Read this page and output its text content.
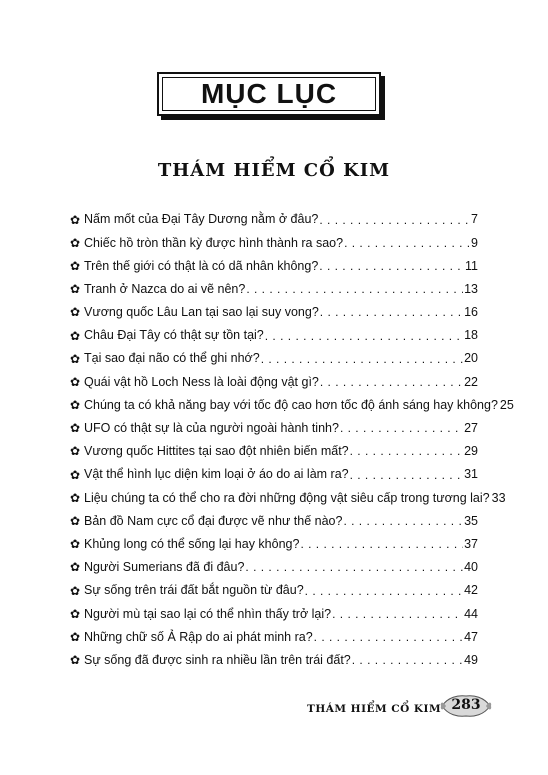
MỤC LỤC
THÁM HIỂM CỔ KIM
✿ Nấm mốt của Đại Tây Dương nằm ở đâu? . . .	7
✿ Chiếc hồ tròn thần kỳ được hình thành ra sao? . . .	9
✿ Trên thế giới có thật là có dã nhân không? . . .	11
✿ Tranh ở Nazca do ai vẽ nên? . . .	13
✿ Vương quốc Lâu Lan tại sao lại suy vong? . . .	16
✿ Châu Đại Tây có thật sự tồn tại? . . .	18
✿ Tại sao đại não có thể ghi nhớ? . . .	20
✿ Quái vật hồ Loch Ness là loài động vật gì? . . .	22
✿ Chúng ta có khả năng bay với tốc độ cao hơn tốc độ ánh sáng hay không? 25
✿ UFO có thật sự là của người ngoài hành tinh? . . .	27
✿ Vương quốc Hittites tại sao đột nhiên biến mất? . . .	29
✿ Vật thể hình lục diện kim loại ở áo do ai làm ra? . . .	31
✿ Liệu chúng ta có thể cho ra đời những động vật siêu cấp trong tương lai? 33
✿ Bản đồ Nam cực cổ đại được vẽ như thế nào? . . .	35
✿ Khủng long có thể sống lại hay không? . . .	37
✿ Người Sumerians đã đi đâu? . . .	40
✿ Sự sống trên trái đất bắt nguồn từ đâu? . . .	42
✿ Người mù tại sao lại có thể nhìn thấy trở lại? . . .	44
✿ Những chữ số Ả Rập do ai phát minh ra? . . .	47
✿ Sự sống đã được sinh ra nhiều lần trên trái đất? . . .	49
THÁM HIỂM CỔ KIM 283
